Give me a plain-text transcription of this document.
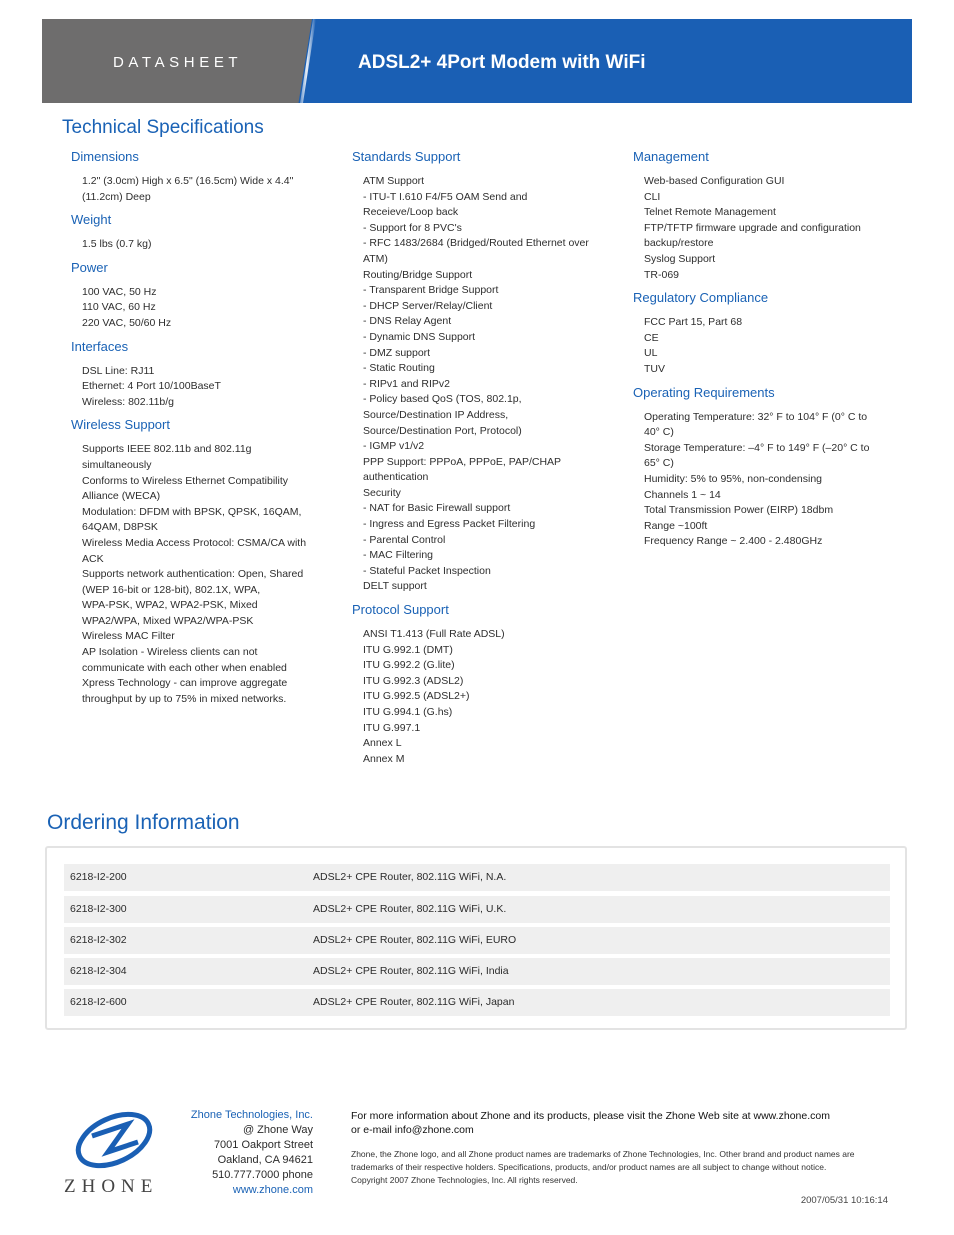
DATASHEET	ADSL2+ 4Port Modem with WiFi
Technical Specifications
Dimensions
1.2" (3.0cm) High x 6.5" (16.5cm) Wide x 4.4"
(11.2cm) Deep
Weight
1.5 lbs (0.7 kg)
Power
100 VAC, 50 Hz
110 VAC, 60 Hz
220 VAC, 50/60 Hz
Interfaces
DSL Line: RJ11
Ethernet: 4 Port 10/100BaseT
Wireless: 802.11b/g
Wireless Support
Supports IEEE 802.11b and 802.11g
simultaneously
Conforms to Wireless Ethernet Compatibility
Alliance (WECA)
Modulation: DFDM with BPSK, QPSK, 16QAM,
64QAM, D8PSK
Wireless Media Access Protocol: CSMA/CA with
ACK
Supports network authentication: Open, Shared
(WEP 16-bit or 128-bit), 802.1X, WPA,
WPA-PSK, WPA2, WPA2-PSK, Mixed
WPA2/WPA, Mixed WPA2/WPA-PSK
Wireless MAC Filter
AP Isolation - Wireless clients can not
communicate with each other when enabled
Xpress Technology - can improve aggregate
throughput by up to 75% in mixed networks.
Standards Support
ATM Support
- ITU-T I.610 F4/F5 OAM Send and
Receieve/Loop back
- Support for 8 PVC's
- RFC 1483/2684 (Bridged/Routed Ethernet over
ATM)
Routing/Bridge Support
- Transparent Bridge Support
- DHCP Server/Relay/Client
- DNS Relay Agent
- Dynamic DNS Support
- DMZ support
- Static Routing
- RIPv1 and RIPv2
- Policy based QoS (TOS, 802.1p,
Source/Destination IP Address,
Source/Destination Port, Protocol)
- IGMP v1/v2
PPP Support: PPPoA, PPPoE, PAP/CHAP
authentication
Security
- NAT for Basic Firewall support
- Ingress and Egress Packet Filtering
- Parental Control
- MAC Filtering
- Stateful Packet Inspection
DELT support
Protocol Support
ANSI T1.413 (Full Rate ADSL)
ITU G.992.1 (DMT)
ITU G.992.2 (G.lite)
ITU G.992.3 (ADSL2)
ITU G.992.5 (ADSL2+)
ITU G.994.1 (G.hs)
ITU G.997.1
Annex L
Annex M
Management
Web-based Configuration GUI
CLI
Telnet Remote Management
FTP/TFTP firmware upgrade and configuration
backup/restore
Syslog Support
TR-069
Regulatory Compliance
FCC Part 15, Part 68
CE
UL
TUV
Operating Requirements
Operating Temperature: 32° F to 104° F (0° C to
40° C)
Storage Temperature: –4° F to 149° F (–20° C to
65° C)
Humidity: 5% to 95%, non-condensing
Channels 1 ~ 14
Total Transmission Power (EIRP) 18dbm
Range ~100ft
Frequency Range ~ 2.400 - 2.480GHz
Ordering Information
6218-I2-200	ADSL2+ CPE Router, 802.11G WiFi, N.A.
6218-I2-300	ADSL2+ CPE Router, 802.11G WiFi, U.K.
6218-I2-302	ADSL2+ CPE Router, 802.11G WiFi, EURO
6218-I2-304	ADSL2+ CPE Router, 802.11G WiFi, India
6218-I2-600	ADSL2+ CPE Router, 802.11G WiFi, Japan
ZHONE
Zhone Technologies, Inc.
@ Zhone Way
7001 Oakport Street
Oakland, CA 94621
510.777.7000 phone
www.zhone.com
For more information about Zhone and its products, please visit the Zhone Web site at www.zhone.com
or e-mail info@zhone.com
Zhone, the Zhone logo, and all Zhone product names are trademarks of Zhone Technologies, Inc. Other brand and product names are
trademarks of their respective holders. Specifications, products, and/or product names are all subject to change without notice.
Copyright 2007 Zhone Technologies, Inc. All rights reserved.
2007/05/31 10:16:14
